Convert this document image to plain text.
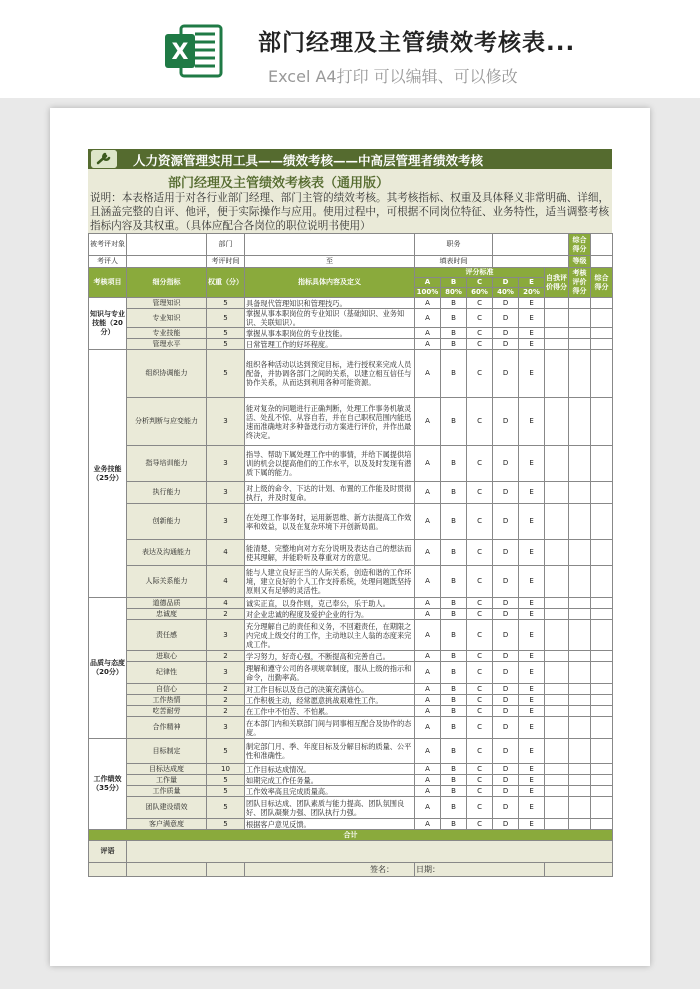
X	部门经理及主管绩效考核表...
Excel A4打印 可以编辑、可以修改
人力资源管理实用工具——绩效考核——中高层管理者绩效考核
部门经理及主管绩效考核表（通用版）
说明：本表格适用于对各行业部门经理、部门主管的绩效考核。其考核指标、权重及具体释义非常明确、详细，且涵盖完整的自评、他评，便于实际操作与应用。使用过程中，可根据不同岗位特征、业务特性，适当调整考核指标内容及其权重。（具体应配合各岗位的职位说明书使用）
被考评对象		部门		职务						综合得分	
考评人		考评时间	至	填表时间						等级	
考核项目	细分指标	权重（分）	指标具体内容及定义	评分标准					自我评价得分	考核评价得分	综合得分
				A	B	C	D	E			
				100%	80%	60%	40%	20%			
知识与专业技能（20分）	管理知识	5	具备现代管理知识和管理技巧。	A	B	C	D	E			
	专业知识	5	掌握从事本职岗位的专业知识（基础知识、业务知识、关联知识）。	A	B	C	D	E			
	专业技能	5	掌握从事本职岗位的专业技能。	A	B	C	D	E			
	管理水平	5	日常管理工作的好坏程度。	A	B	C	D	E			
业务技能（25分）	组织协调能力	5	组织各种活动以达到预定目标，进行授权来完成人员配备，并协调各部门之间的关系，以建立相互信任与协作关系，从而达到利用各种可能资源。	A	B	C	D	E			
	分析判断与应变能力	3	能对复杂的问题进行正确判断，处理工作事务机敏灵活、处乱不惊、从容自若，并在自己职权范围内能迅速而准确地对多种备选行动方案进行评价，并作出最终决定。	A	B	C	D	E			
	指导培训能力	3	指导、帮助下属处理工作中的事情，并给下属提供培训的机会以提高他们的工作水平，以及及时发现有潜质下属的能力。	A	B	C	D	E			
	执行能力	3	对上级的命令、下达的计划、布置的工作能及时贯彻执行，并及时复命。	A	B	C	D	E			
	创新能力	3	在处理工作事务时，运用新思维、新方法提高工作效率和效益，以及在复杂环境下开创新局面。	A	B	C	D	E			
	表达及沟通能力	4	能清楚、完整地向对方充分说明及表达自己的想法而使其理解，并能聆听及尊重对方的意见。	A	B	C	D	E			
	人际关系能力	4	能与人建立良好正当的人际关系，创造和谐的工作环境，建立良好的个人工作支持系统，处理问题既坚持原则又有足够的灵活性。	A	B	C	D	E			
品质与态度（20分）	道德品质	4	诚实正直，以身作则，克己奉公，乐于助人。	A	B	C	D	E			
	忠诚度	2	对企业忠诚的程度及爱护企业的行为。	A	B	C	D	E			
	责任感	3	充分理解自己的责任和义务，不回避责任，在期限之内完成上级交付的工作，主动地以主人翁的态度来完成工作。	A	B	C	D	E			
	进取心	2	学习努力，好奇心强，不断提高和完善自己。	A	B	C	D	E			
	纪律性	3	理解和遵守公司的各项规章制度，服从上级的指示和命令，出勤率高。	A	B	C	D	E			
	自信心	2	对工作目标以及自己的决策充满信心。	A	B	C	D	E			
	工作热情	2	工作积极主动，经常愿意挑战艰难性工作。	A	B	C	D	E			
	吃苦耐劳	2	在工作中不怕苦、不怕累。	A	B	C	D	E			
	合作精神	3	在本部门内和关联部门间与同事相互配合及协作的态度。	A	B	C	D	E			
工作绩效（35分）	目标制定	5	制定部门月、季、年度目标及分解目标的质量、公平性和准确性。	A	B	C	D	E			
	目标达成度	10	工作目标达成情况。	A	B	C	D	E			
	工作量	5	如期完成工作任务量。	A	B	C	D	E			
	工作质量	5	工作效率高且完成质量高。	A	B	C	D	E			
	团队建设绩效	5	团队目标达成、团队素质与能力提高、团队氛围良好、团队凝聚力强、团队执行力强。	A	B	C	D	E			
	客户满意度	5	根据客户意见反馈。	A	B	C	D	E			
合计											
评语											
			签名：	日期：							
